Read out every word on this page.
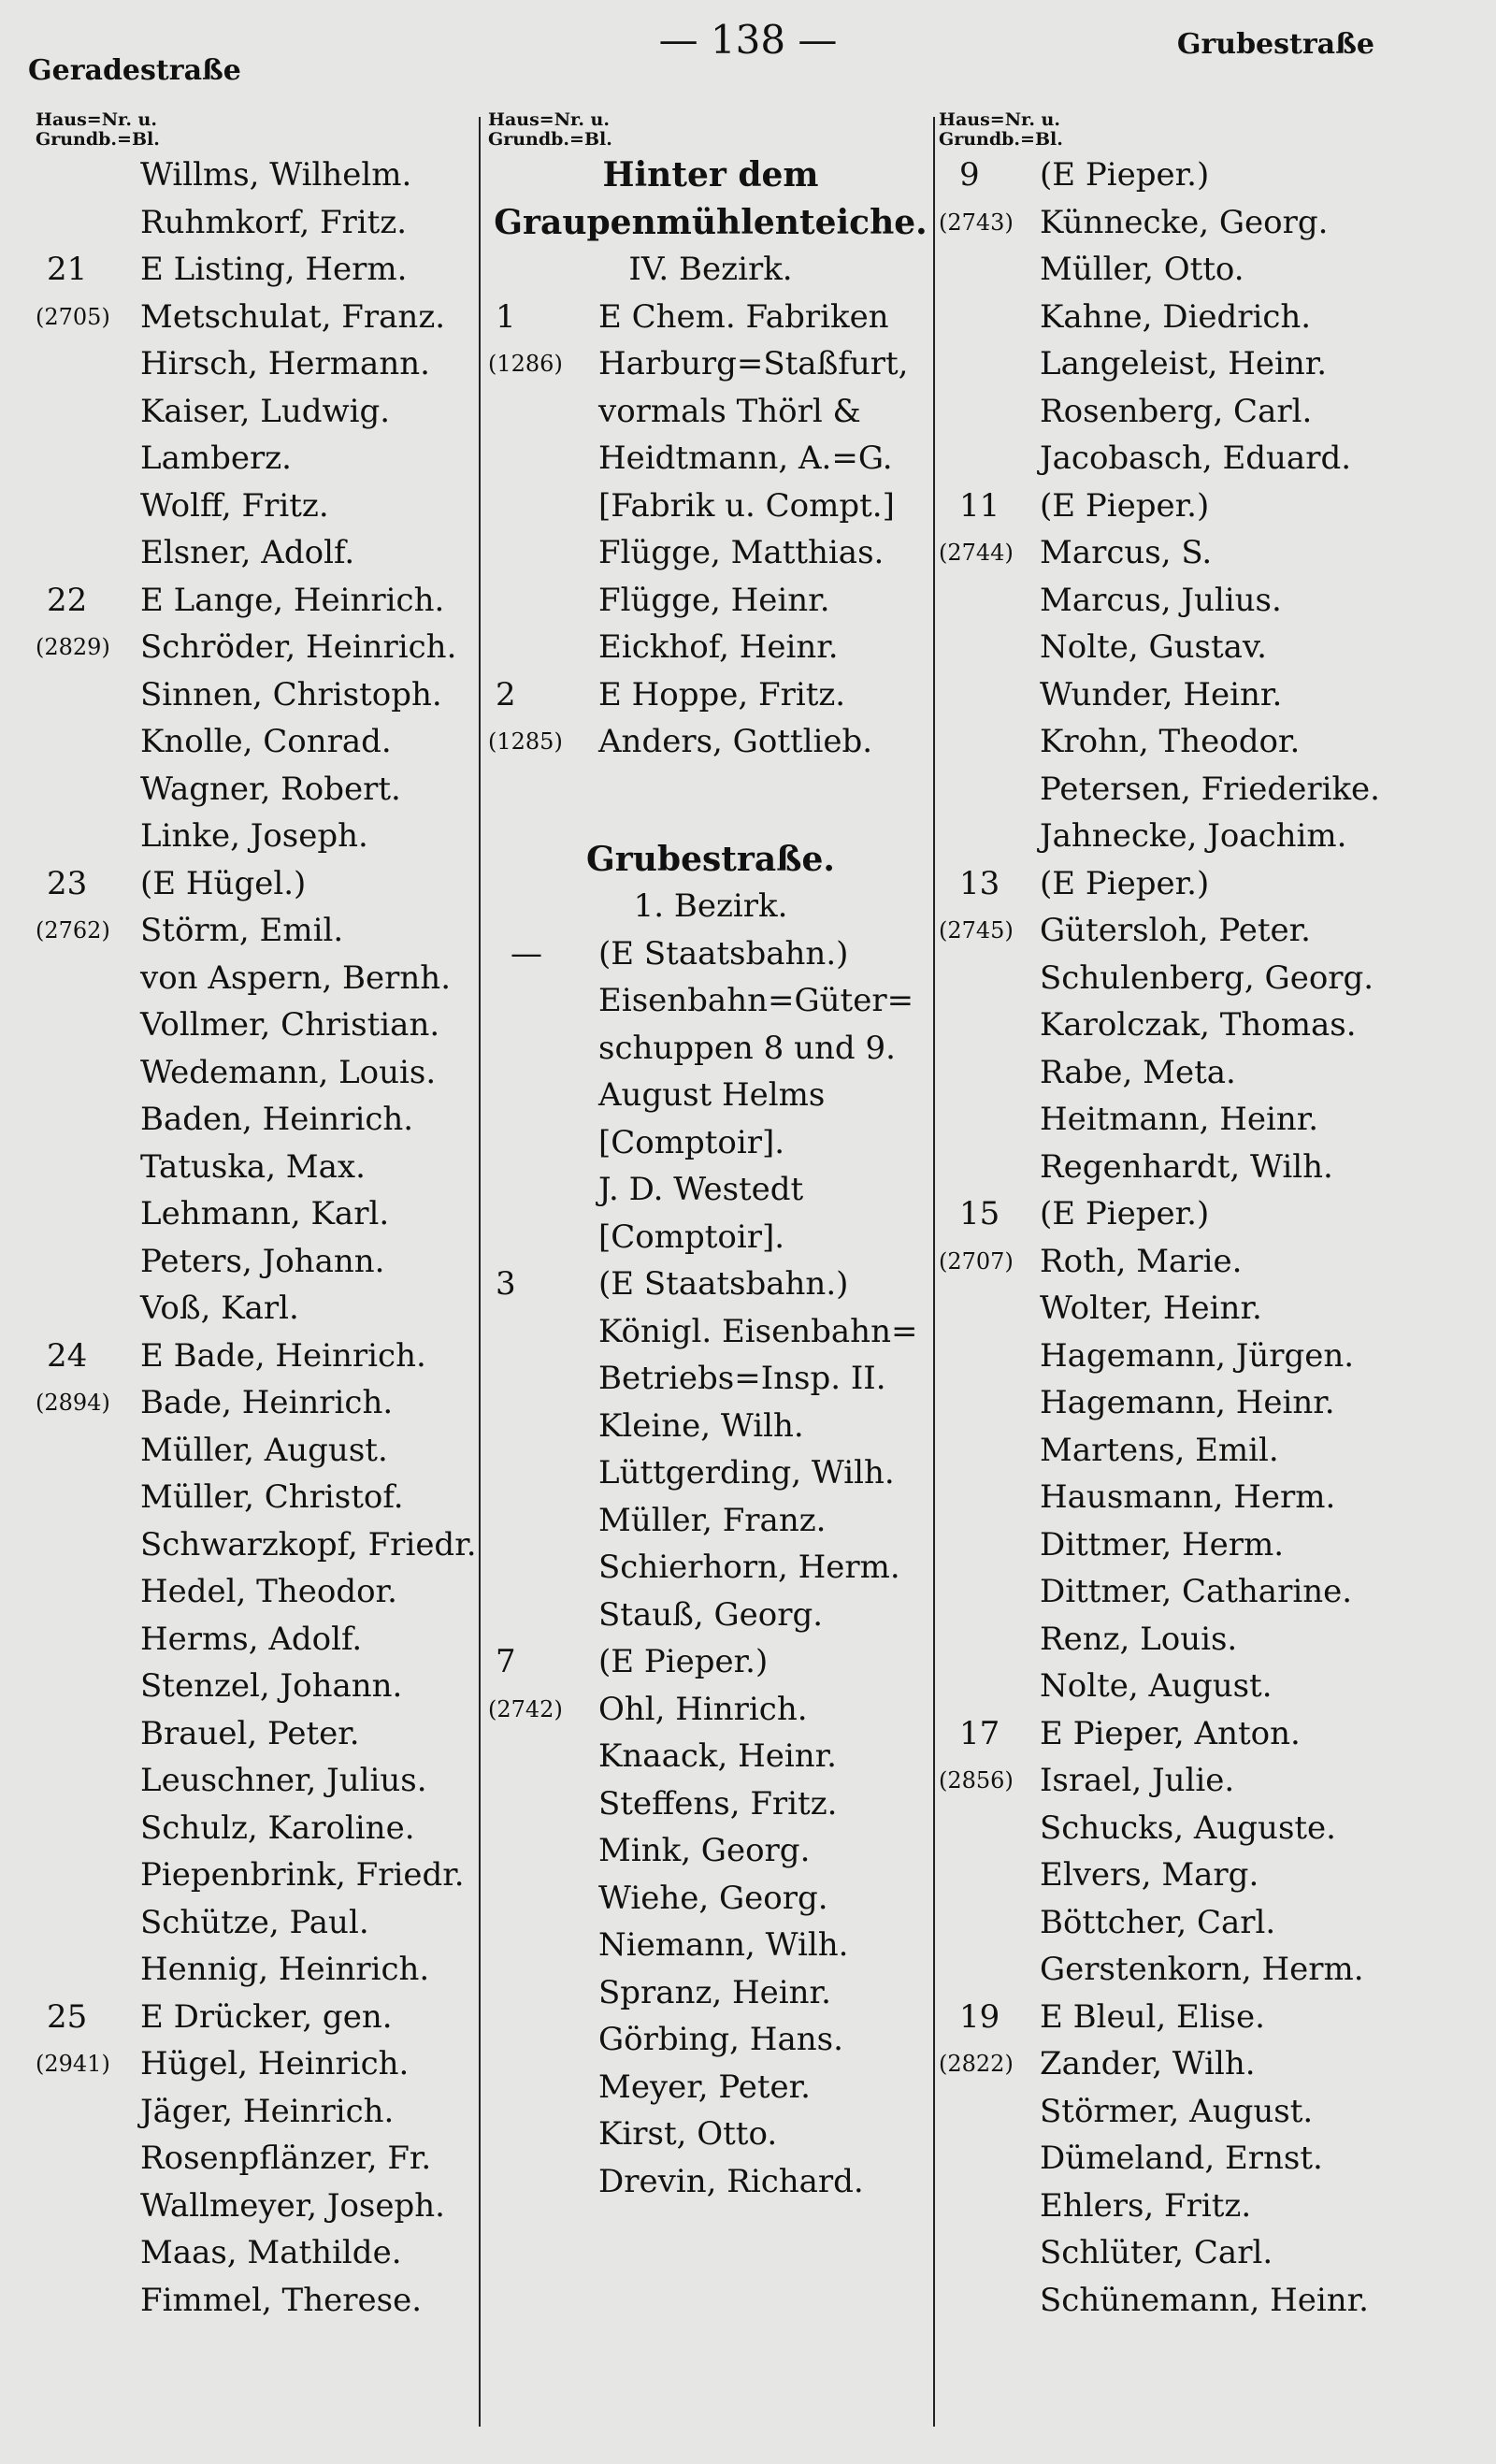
Geradestraße
— 138 —	Grubestraße
Haus=Nr. u.
Grundb.=Bl.
Willms, Wilhelm.
Ruhmkorf, Fritz.
21 E Listing, Herm.
(2705) Metschulat, Franz.
Hirsch, Hermann.
Kaiser, Ludwig.
Lamberz.
Wolff, Fritz.
Elsner, Adolf.
22 E Lange, Heinrich.
(2829) Schröder, Heinrich.
Sinnen, Christoph.
Knolle, Conrad.
Wagner, Robert.
Linke, Joseph.
23 (E Hügel.)
(2762) Störm, Emil.
von Aspern, Bernh.
Vollmer, Christian.
Wedemann, Louis.
Baden, Heinrich.
Tatuska, Max.
Lehmann, Karl.
Peters, Johann.
Voß, Karl.
24 E Bade, Heinrich.
(2894) Bade, Heinrich.
Müller, August.
Müller, Christof.
Schwarzkopf, Friedr.
Hedel, Theodor.
Herms, Adolf.
Stenzel, Johann.
Brauel, Peter.
Leuschner, Julius.
Schulz, Karoline.
Piepenbrink, Friedr.
Schütze, Paul.
Hennig, Heinrich.
25 E Drücker, gen.
(2941) Hügel, Heinrich.
Jäger, Heinrich.
Rosenpflänzer, Fr.
Wallmeyer, Joseph.
Maas, Mathilde.
Fimmel, Therese.
Haus=Nr. u.
Grundb.=Bl.
Hinter dem
Graupenmühlenteiche.
IV. Bezirk.
1	E Chem. Fabriken
(1286) Harburg=Staßfurt,
vormals Thörl &
Heidtmann, A.=G.
[Fabrik u. Compt.]
Flügge, Matthias.
Flügge, Heinr.
Eickhof, Heinr.
2	E Hoppe, Fritz.
(1285) Anders, Gottlieb.
Grubestraße.
1. Bezirk.
— (E Staatsbahn.)
Eisenbahn=Güter=
schuppen 8 und 9.
August Helms
[Comptoir].
J. D. Westedt
[Comptoir].
3	(E Staatsbahn.)
Königl. Eisenbahn=
Betriebs=Insp. II.
Kleine, Wilh.
Lüttgerding, Wilh.
Müller, Franz.
Schierhorn, Herm.
Stauß, Georg.
7	(E Pieper.)
(2742) Ohl, Hinrich.
Knaack, Heinr.
Steffens, Fritz.
Mink, Georg.
Wiehe, Georg.
Niemann, Wilh.
Spranz, Heinr.
Görbing, Hans.
Meyer, Peter.
Kirst, Otto.
Drevin, Richard.
Haus=Nr. u.
Grundb.=Bl.
9 (E Pieper.)
(2743) Künnecke, Georg.
Müller, Otto.
Kahne, Diedrich.
Langeleist, Heinr.
Rosenberg, Carl.
Jacobasch, Eduard.
11 (E Pieper.)
(2744) Marcus, S.
Marcus, Julius.
Nolte, Gustav.
Wunder, Heinr.
Krohn, Theodor.
Petersen, Friederike.
Jahnecke, Joachim.
13 (E Pieper.)
(2745) Gütersloh, Peter.
Schulenberg, Georg.
Karolczak, Thomas.
Rabe, Meta.
Heitmann, Heinr.
Regenhardt, Wilh.
15 (E Pieper.)
(2707) Roth, Marie.
Wolter, Heinr.
Hagemann, Jürgen.
Hagemann, Heinr.
Martens, Emil.
Hausmann, Herm.
Dittmer, Herm.
Dittmer, Catharine.
Renz, Louis.
Nolte, August.
17 E Pieper, Anton.
(2856) Israel, Julie.
Schucks, Auguste.
Elvers, Marg.
Böttcher, Carl.
Gerstenkorn, Herm.
19 E Bleul, Elise.
(2822) Zander, Wilh.
Störmer, August.
Dümeland, Ernst.
Ehlers, Fritz.
Schlüter, Carl.
Schünemann, Heinr.
